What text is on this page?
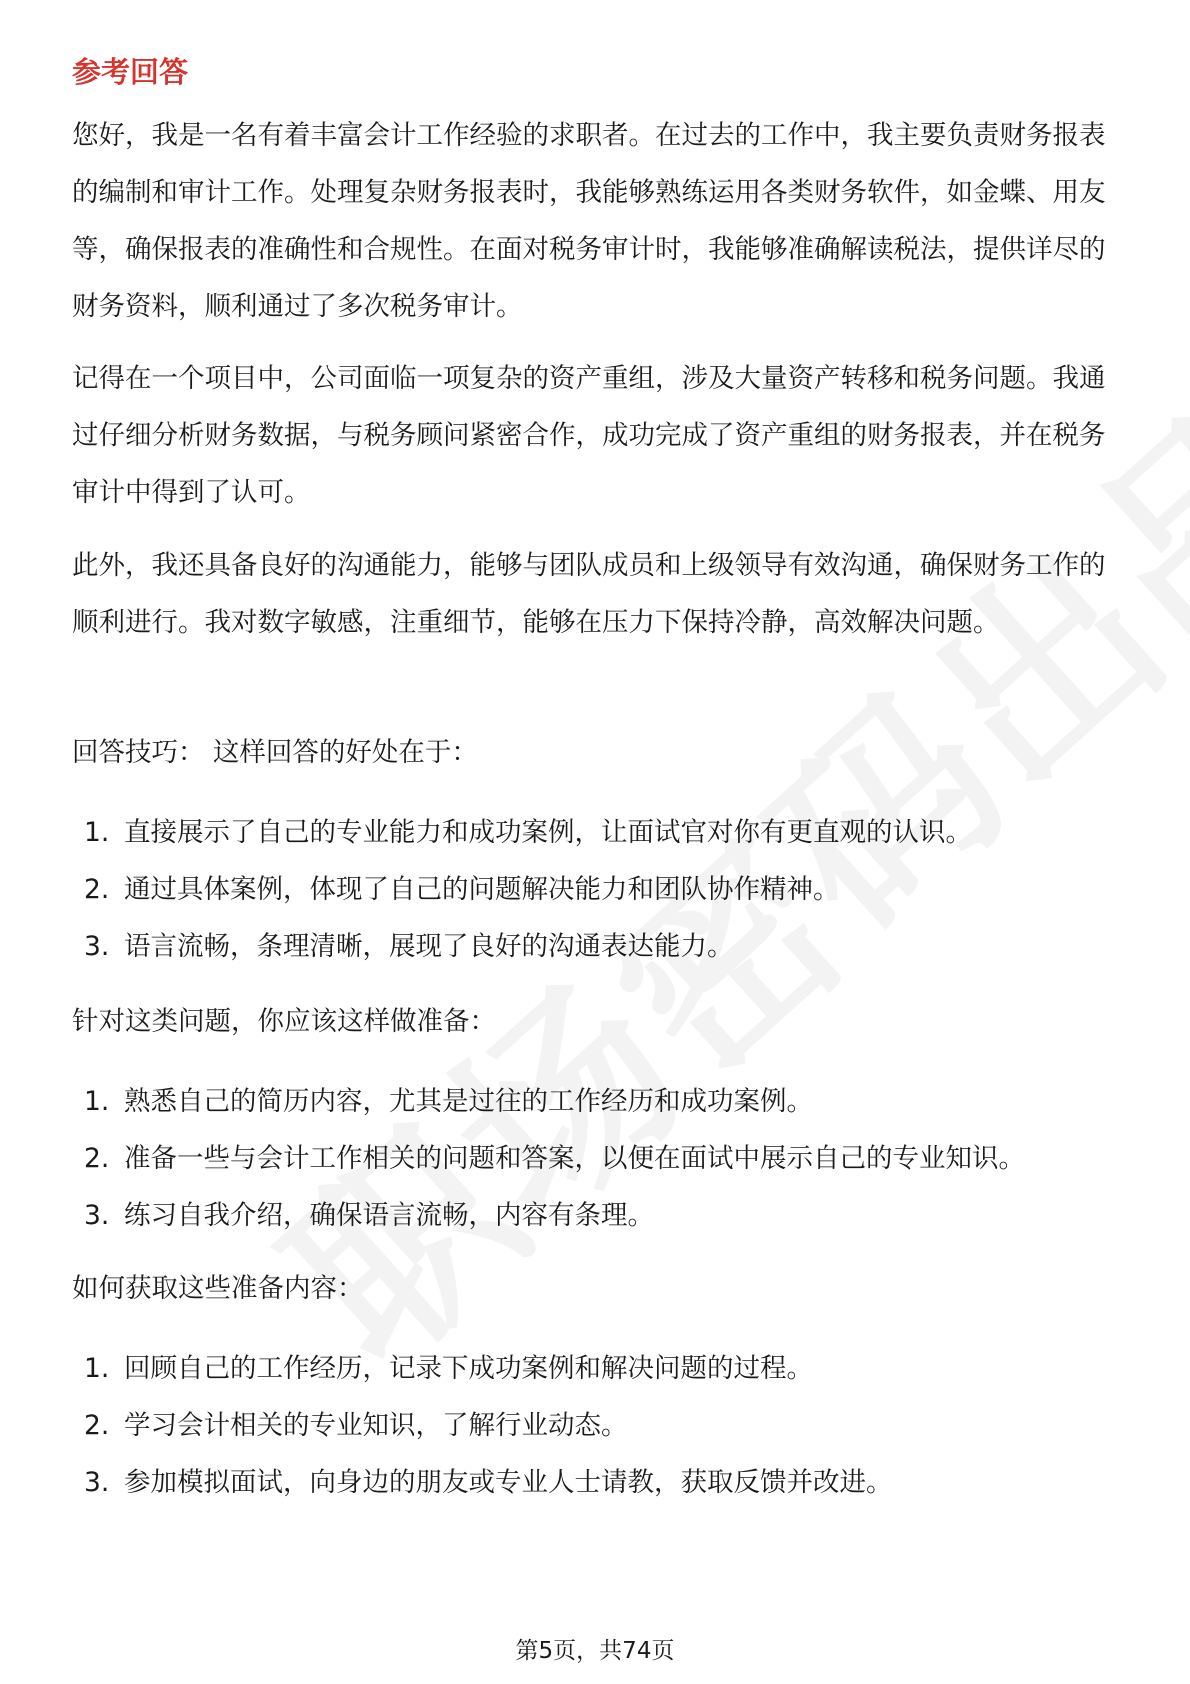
参考回答

您好，我是一名有着丰富会计工作经验的求职者。在过去的工作中，我主要负责财务报表的编制和审计工作。处理复杂财务报表时，我能够熟练运用各类财务软件，如金蝶、用友等，确保报表的准确性和合规性。在面对税务审计时，我能够准确解读税法，提供详尽的财务资料，顺利通过了多次税务审计。

记得在一个项目中，公司面临一项复杂的资产重组，涉及大量资产转移和税务问题。我通过仔细分析财务数据，与税务顾问紧密合作，成功完成了资产重组的财务报表，并在税务审计中得到了认可。

此外，我还具备良好的沟通能力，能够与团队成员和上级领导有效沟通，确保财务工作的顺利进行。我对数字敏感，注重细节，能够在压力下保持冷静，高效解决问题。

回答技巧： 这样回答的好处在于：

1. 直接展示了自己的专业能力和成功案例，让面试官对你有更直观的认识。
2. 通过具体案例，体现了自己的问题解决能力和团队协作精神。
3. 语言流畅，条理清晰，展现了良好的沟通表达能力。

针对这类问题，你应该这样做准备：

1. 熟悉自己的简历内容，尤其是过往的工作经历和成功案例。
2. 准备一些与会计工作相关的问题和答案，以便在面试中展示自己的专业知识。
3. 练习自我介绍，确保语言流畅，内容有条理。

如何获取这些准备内容：

1. 回顾自己的工作经历，记录下成功案例和解决问题的过程。
2. 学习会计相关的专业知识，了解行业动态。
3. 参加模拟面试，向身边的朋友或专业人士请教，获取反馈并改进。
第5页，共74页
